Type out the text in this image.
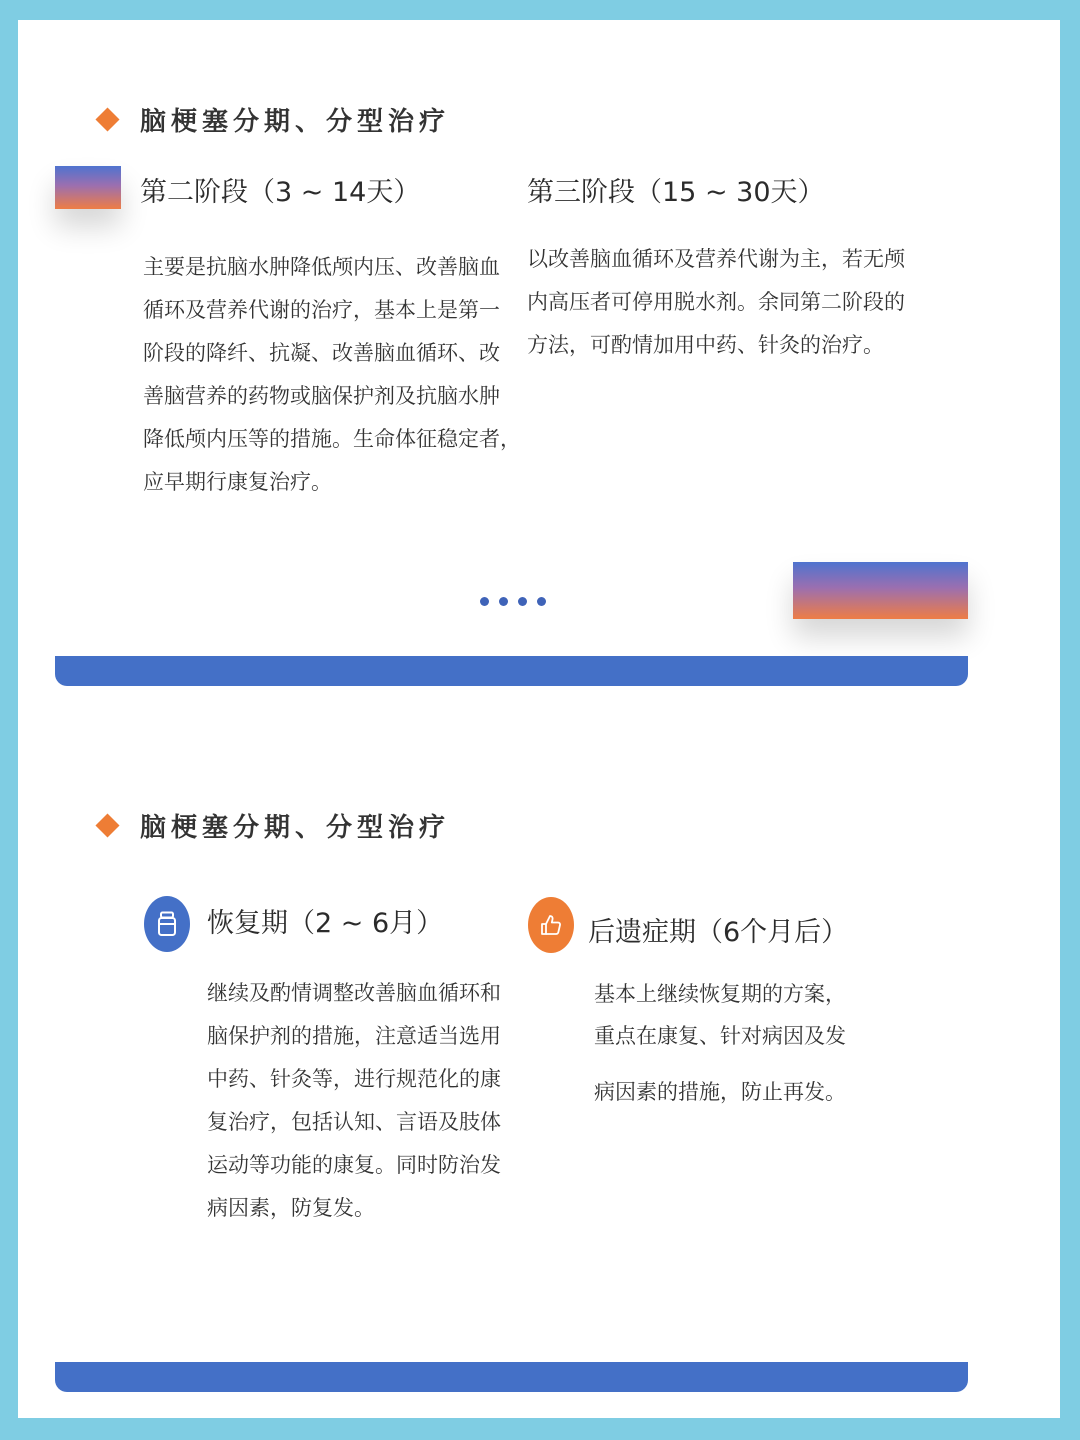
脑梗塞分期、分型治疗
第二阶段（3 ~ 14天）
主要是抗脑水肿降低颅内压、改善脑血
循环及营养代谢的治疗，基本上是第一
阶段的降纤、抗凝、改善脑血循环、改
善脑营养的药物或脑保护剂及抗脑水肿
降低颅内压等的措施。生命体征稳定者，
应早期行康复治疗。
第三阶段（15 ~ 30天）
以改善脑血循环及营养代谢为主，若无颅
内高压者可停用脱水剂。余同第二阶段的
方法，可酌情加用中药、针灸的治疗。
脑梗塞分期、分型治疗
恢复期（2 ~ 6月）
继续及酌情调整改善脑血循环和
脑保护剂的措施，注意适当选用
中药、针灸等，进行规范化的康
复治疗，包括认知、言语及肢体
运动等功能的康复。同时防治发
病因素，防复发。
后遗症期（6个月后）
基本上继续恢复期的方案，
重点在康复、针对病因及发
病因素的措施，防止再发。
